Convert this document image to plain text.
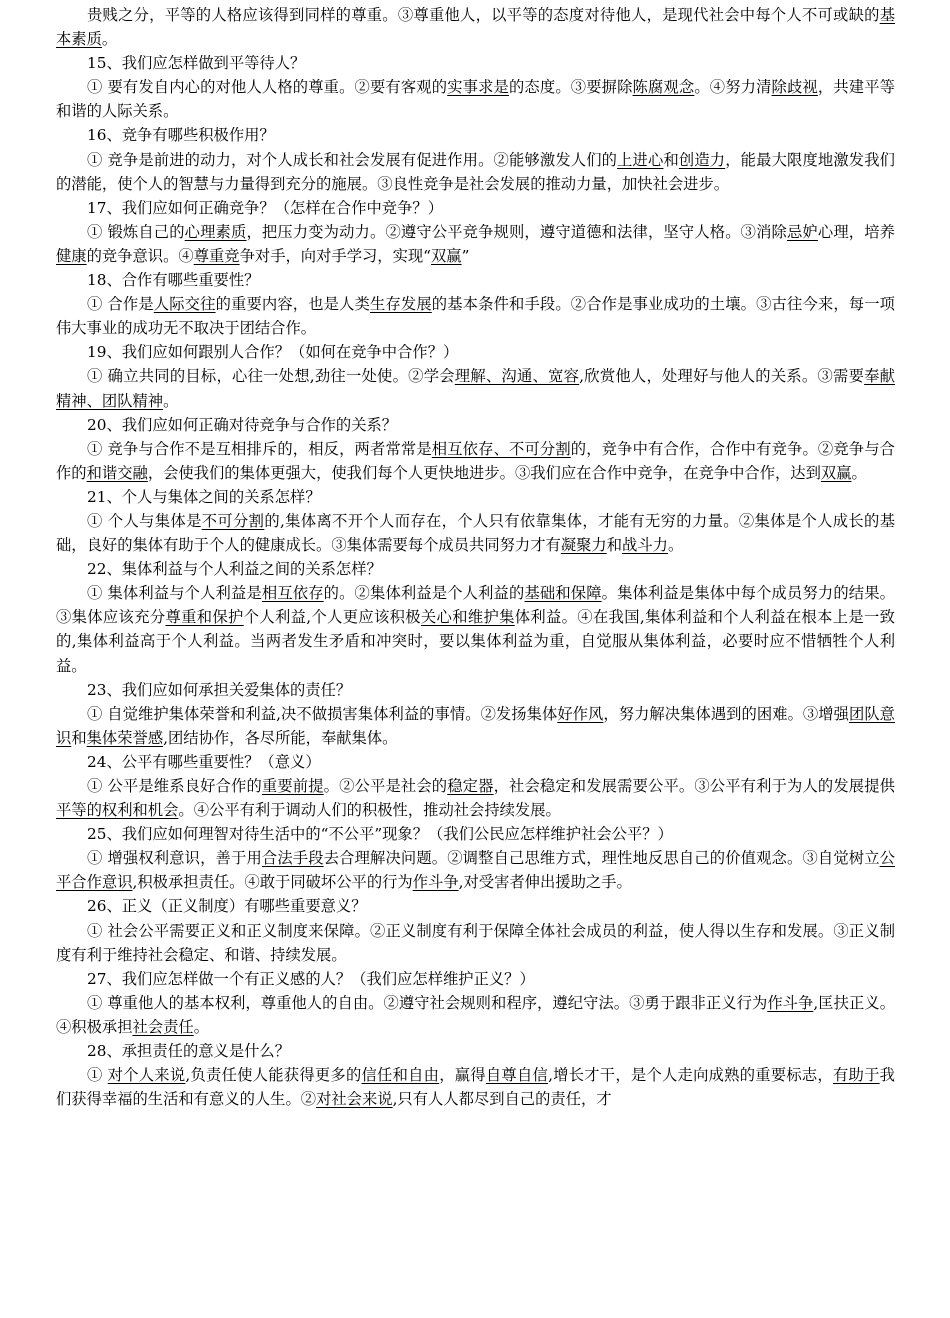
贵贱之分，平等的人格应该得到同样的尊重。③尊重他人，以平等的态度对待他人，是现代社会中每个人不可或缺的基本素质。

15、我们应怎样做到平等待人？

① 要有发自内心的对他人人格的尊重。②要有客观的实事求是的态度。③要摒除陈腐观念。④努力清除歧视，共建平等和谐的人际关系。

16、竞争有哪些积极作用？

① 竞争是前进的动力，对个人成长和社会发展有促进作用。②能够激发人们的上进心和创造力，能最大限度地激发我们的潜能，使个人的智慧与力量得到充分的施展。③良性竞争是社会发展的推动力量，加快社会进步。

17、我们应如何正确竞争？（怎样在合作中竞争？）

① 锻炼自己的心理素质，把压力变为动力。②遵守公平竞争规则，遵守道德和法律，坚守人格。③消除忌妒心理，培养健康的竞争意识。④尊重竞争对手，向对手学习，实现“双赢”

18、合作有哪些重要性？

① 合作是人际交往的重要内容，也是人类生存发展的基本条件和手段。②合作是事业成功的土壤。③古往今来，每一项伟大事业的成功无不取决于团结合作。

19、我们应如何跟别人合作？（如何在竞争中合作？）

① 确立共同的目标，心往一处想,劲往一处使。②学会理解、沟通、宽容,欣赏他人，处理好与他人的关系。③需要奉献精神、团队精神。

20、我们应如何正确对待竞争与合作的关系？

① 竞争与合作不是互相排斥的，相反，两者常常是相互依存、不可分割的，竞争中有合作，合作中有竞争。②竞争与合作的和谐交融，会使我们的集体更强大，使我们每个人更快地进步。③我们应在合作中竞争，在竞争中合作，达到双赢。

21、个人与集体之间的关系怎样？

① 个人与集体是不可分割的,集体离不开个人而存在，个人只有依靠集体，才能有无穷的力量。②集体是个人成长的基础，良好的集体有助于个人的健康成长。③集体需要每个成员共同努力才有凝聚力和战斗力。

22、集体利益与个人利益之间的关系怎样？

① 集体利益与个人利益是相互依存的。②集体利益是个人利益的基础和保障。集体利益是集体中每个成员努力的结果。③集体应该充分尊重和保护个人利益,个人更应该积极关心和维护集体利益。④在我国,集体利益和个人利益在根本上是一致的,集体利益高于个人利益。当两者发生矛盾和冲突时，要以集体利益为重，自觉服从集体利益，必要时应不惜牺牲个人利益。

23、我们应如何承担关爱集体的责任？

① 自觉维护集体荣誉和利益,决不做损害集体利益的事情。②发扬集体好作风，努力解决集体遇到的困难。③增强团队意识和集体荣誉感,团结协作，各尽所能，奉献集体。

24、公平有哪些重要性？（意义）

① 公平是维系良好合作的重要前提。②公平是社会的稳定器，社会稳定和发展需要公平。③公平有利于为人的发展提供平等的权利和机会。④公平有利于调动人们的积极性，推动社会持续发展。

25、我们应如何理智对待生活中的“不公平”现象？（我们公民应怎样维护社会公平？）

① 增强权利意识，善于用合法手段去合理解决问题。②调整自己思维方式，理性地反思自己的价值观念。③自觉树立公平合作意识,积极承担责任。④敢于同破坏公平的行为作斗争,对受害者伸出援助之手。

26、正义（正义制度）有哪些重要意义？

① 社会公平需要正义和正义制度来保障。②正义制度有利于保障全体社会成员的利益，使人得以生存和发展。③正义制度有利于维持社会稳定、和谐、持续发展。

27、我们应怎样做一个有正义感的人？（我们应怎样维护正义？）

① 尊重他人的基本权利，尊重他人的自由。②遵守社会规则和程序，遵纪守法。③勇于跟非正义行为作斗争,匡扶正义。④积极承担社会责任。

28、承担责任的意义是什么？

① 对个人来说,负责任使人能获得更多的信任和自由，赢得自尊自信,增长才干，是个人走向成熟的重要标志，有助于我们获得幸福的生活和有意义的人生。②对社会来说,只有人人都尽到自己的责任，才
